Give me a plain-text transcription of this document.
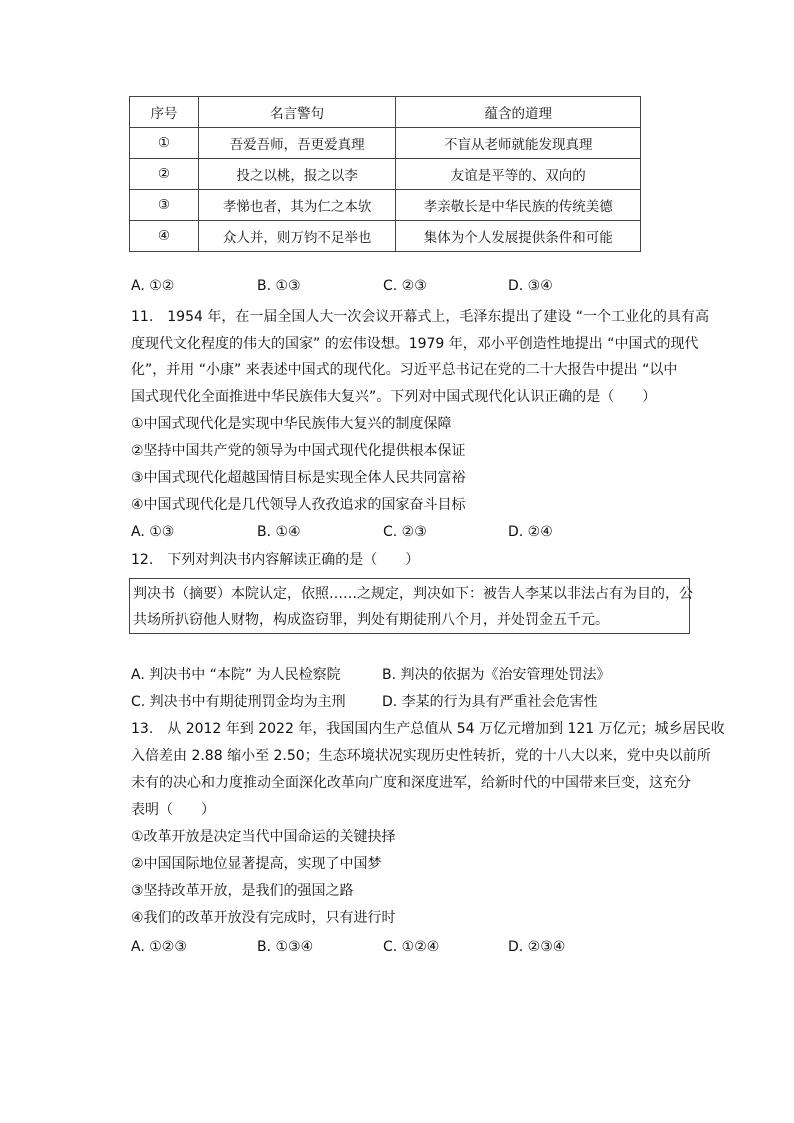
序号	名言警句	蕴含的道理
①	吾爱吾师，吾更爱真理	不盲从老师就能发现真理
②	投之以桃，报之以李	友谊是平等的、双向的
③	孝悌也者，其为仁之本欤	孝亲敬长是中华民族的传统美德
④	众人并，则万钧不足举也	集体为个人发展提供条件和可能
A. ①②	B. ①③	C. ②③	D. ③④
11.　1954 年，在一届全国人大一次会议开幕式上，毛泽东提出了建设 “一个工业化的具有高
度现代文化程度的伟大的国家” 的宏伟设想。1979 年，邓小平创造性地提出 “中国式的现代
化”，并用 “小康” 来表述中国式的现代化。习近平总书记在党的二十大报告中提出 “以中
国式现代化全面推进中华民族伟大复兴”。下列对中国式现代化认识正确的是（　　）
①中国式现代化是实现中华民族伟大复兴的制度保障
②坚持中国共产党的领导为中国式现代化提供根本保证
③中国式现代化超越国情目标是实现全体人民共同富裕
④中国式现代化是几代领导人孜孜追求的国家奋斗目标
A. ①③	B. ①④	C. ②③	D. ②④
12.　下列对判决书内容解读正确的是（　　）
判决书（摘要）本院认定，依照……之规定，判决如下：被告人李某以非法占有为目的，公
共场所扒窃他人财物，构成盗窃罪，判处有期徒刑八个月，并处罚金五千元。
A. 判决书中 “本院” 为人民检察院	B. 判决的依据为《治安管理处罚法》
C. 判决书中有期徒刑罚金均为主刑	D. 李某的行为具有严重社会危害性
13.　从 2012 年到 2022 年，我国国内生产总值从 54 万亿元增加到 121 万亿元；城乡居民收
入倍差由 2.88 缩小至 2.50；生态环境状况实现历史性转折，党的十八大以来，党中央以前所
未有的决心和力度推动全面深化改革向广度和深度进军，给新时代的中国带来巨变，这充分
表明（　　）
①改革开放是决定当代中国命运的关键抉择
②中国国际地位显著提高，实现了中国梦
③坚持改革开放，是我们的强国之路
④我们的改革开放没有完成时，只有进行时
A. ①②③	B. ①③④	C. ①②④	D. ②③④
